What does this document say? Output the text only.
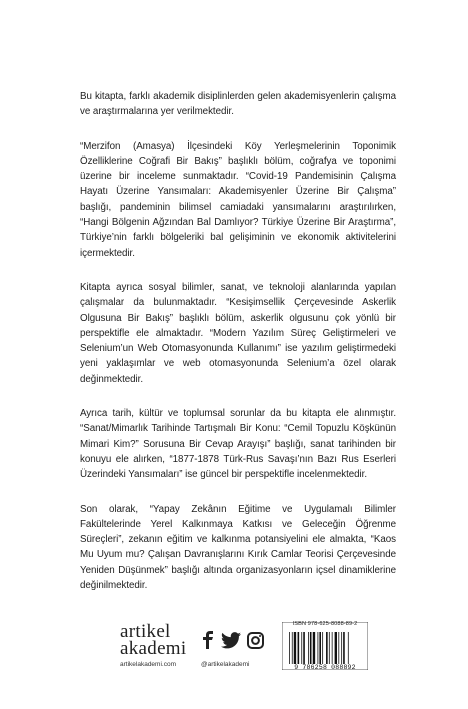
Bu kitapta, farklı akademik disiplinlerden gelen akademisyenlerin çalışma ve araştırmalarına yer verilmektedir.

“Merzifon (Amasya) İlçesindeki Köy Yerleşmelerinin Toponimik Özelliklerine Coğrafi Bir Bakış” başlıklı bölüm, coğrafya ve toponimi üzerine bir inceleme sunmaktadır. “Covid-19 Pandemisinin Çalışma Hayatı Üzerine Yansımaları: Akademisyenler Üzerine Bir Çalışma” başlığı, pandeminin bilimsel camiadaki yansımalarını araştırılırken, “Hangi Bölgenin Ağzından Bal Damlıyor? Türkiye Üzerine Bir Araştırma”, Türkiye’nin farklı bölgeleriki bal gelişiminin ve ekonomik aktivitelerini içermektedir.

Kitapta ayrıca sosyal bilimler, sanat, ve teknoloji alanlarında yapılan çalışmalar da bulunmaktadır. “Kesişimsellik Çerçevesinde Askerlik Olgusuna Bir Bakış” başlıklı bölüm, askerlik olgusunu çok yönlü bir perspektifle ele almaktadır. “Modern Yazılım Süreç Geliştirmeleri ve Selenium’un Web Otomasyonunda Kullanımı” ise yazılım geliştirmedeki yeni yaklaşımlar ve web otomasyonunda Selenium’a özel olarak değinmektedir.

Ayrıca tarih, kültür ve toplumsal sorunlar da bu kitapta ele alınmıştır. “Sanat/Mimarlık Tarihinde Tartışmalı Bir Konu: “Cemil Topuzlu Köşkünün Mimari Kim?” Sorusuna Bir Cevap Arayışı” başlığı, sanat tarihinden bir konuyu ele alırken, “1877-1878 Türk-Rus Savaşı’nın Bazı Rus Eserleri Üzerindeki Yansımaları” ise güncel bir perspektifle incelenmektedir.

Son olarak, “Yapay Zekânın Eğitime ve Uygulamalı Bilimler Fakültelerinde Yerel Kalkınmaya Katkısı ve Geleceğin Öğrenme Süreçleri”, zekanın eğitim ve kalkınma potansiyelini ele almakta, “Kaos Mu Uyum mu? Çalışan Davranışlarını Kırık Camlar Teorisi Çerçevesinde Yeniden Düşünmek” başlığı altında organizasyonların içsel dinamiklerine değinilmektedir.

artikel
akademi
artikelakademi.com	@artikelakademi
ISBN 978-625-8088-89-2
9 786258 088892
